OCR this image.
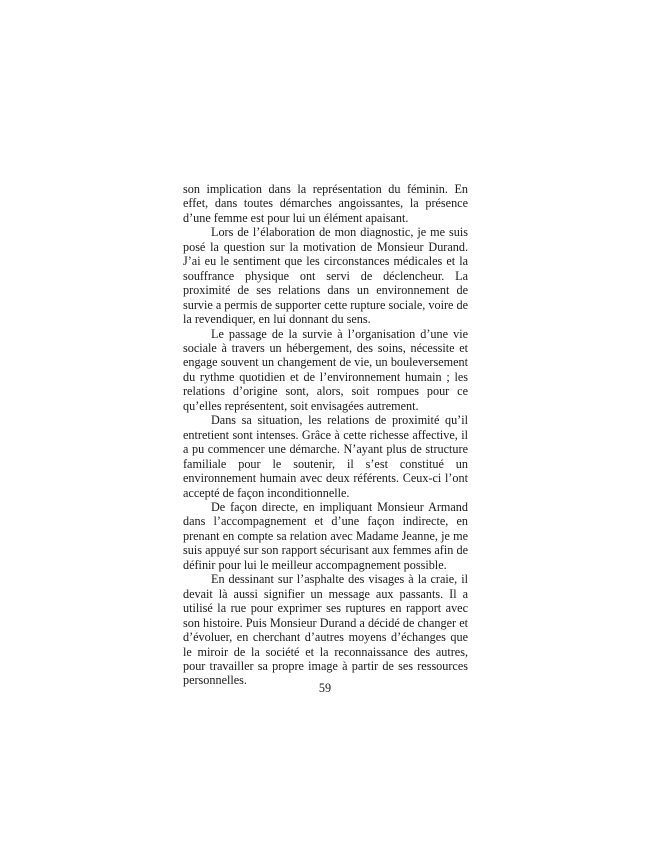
son implication dans la représentation du féminin. En effet, dans toutes démarches angoissantes, la présence d’une femme est pour lui un élément apaisant.

Lors de l’élaboration de mon diagnostic, je me suis posé la question sur la motivation de Monsieur Durand. J’ai eu le sentiment que les circonstances médicales et la souffrance physique ont servi de déclencheur. La proximité de ses relations dans un environnement de survie a permis de supporter cette rupture sociale, voire de la revendiquer, en lui donnant du sens.

Le passage de la survie à l’organisation d’une vie sociale à travers un hébergement, des soins, nécessite et engage souvent un changement de vie, un bouleversement du rythme quotidien et de l’environnement humain ; les relations d’origine sont, alors, soit rompues pour ce qu’elles représentent, soit envisagées autrement.

Dans sa situation, les relations de proximité qu’il entretient sont intenses. Grâce à cette richesse affective, il a pu commencer une démarche. N’ayant plus de structure familiale pour le soutenir, il s’est constitué un environnement humain avec deux référents. Ceux-ci l’ont accepté de façon inconditionnelle.

De façon directe, en impliquant Monsieur Armand dans l’accompagnement et d’une façon indirecte, en prenant en compte sa relation avec Madame Jeanne, je me suis appuyé sur son rapport sécurisant aux femmes afin de définir pour lui le meilleur accompagnement possible.

En dessinant sur l’asphalte des visages à la craie, il devait là aussi signifier un message aux passants. Il a utilisé la rue pour exprimer ses ruptures en rapport avec son histoire. Puis Monsieur Durand a décidé de changer et d’évoluer, en cherchant d’autres moyens d’échanges que le miroir de la société et la reconnaissance des autres, pour travailler sa propre image à partir de ses ressources personnelles.

59
